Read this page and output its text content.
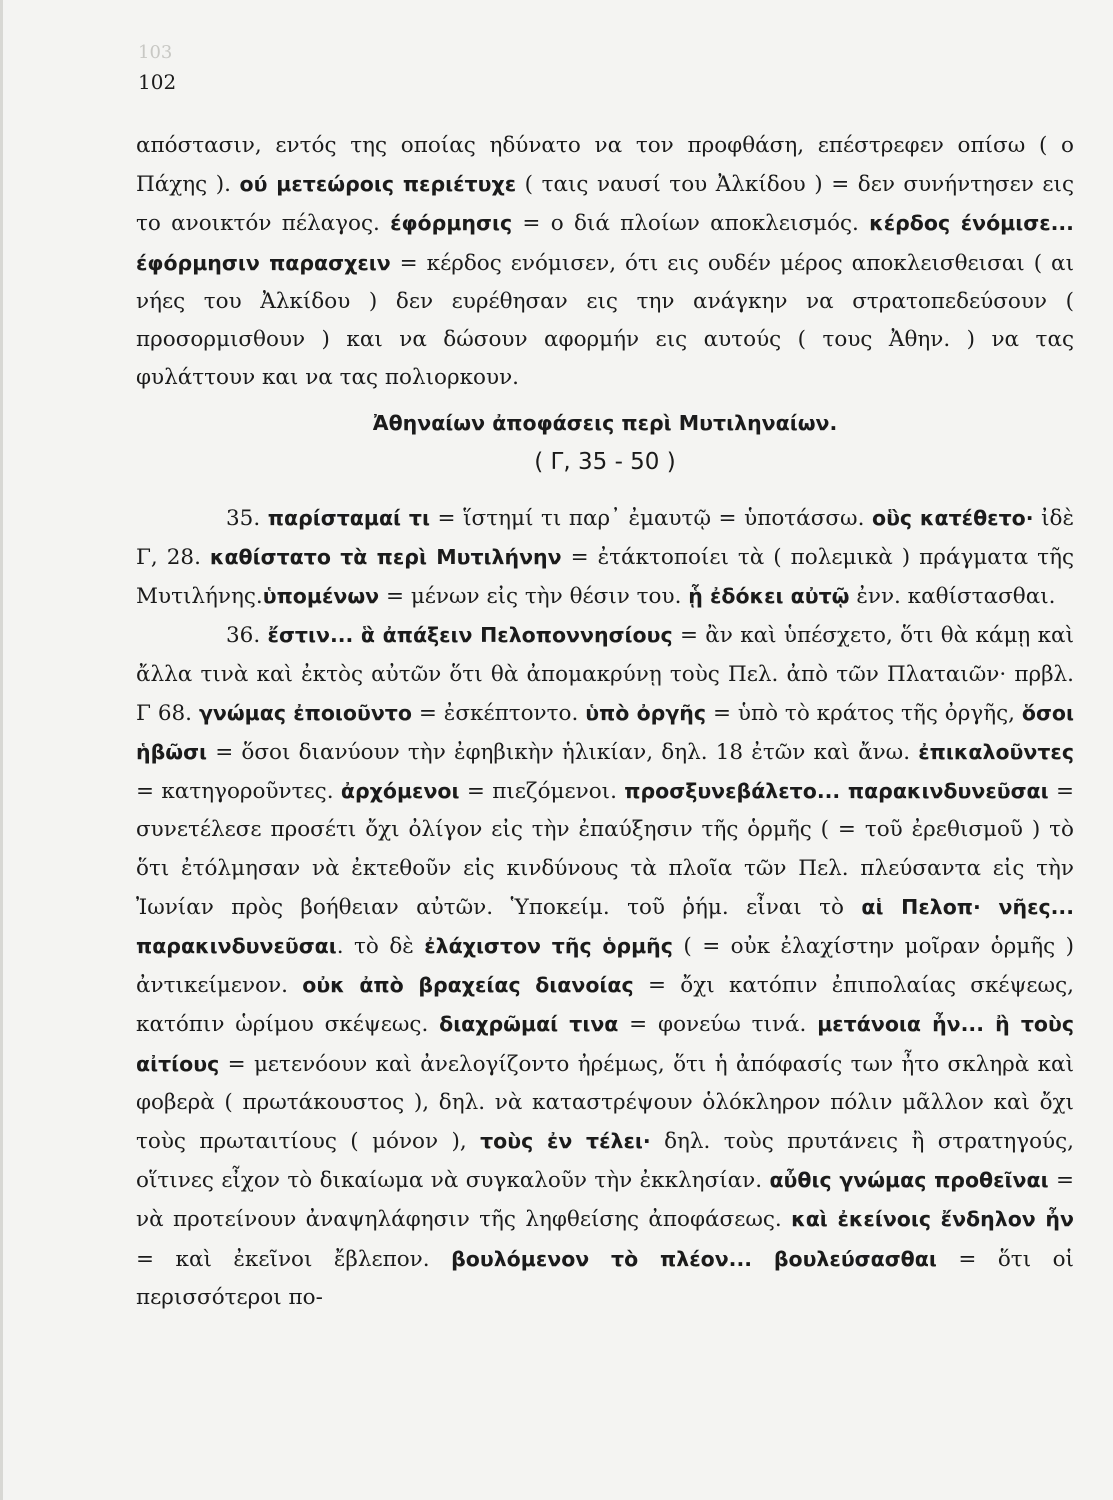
103
102

απόστασιν, εντός της οποίας ηδύνατο να τον προφθάση, επέστρεφεν οπίσω ( ο Πάχης ). ού μετεώροις περιέτυχε ( ταις ναυσί του Ἀλκίδου ) = δεν συνήντησεν εις το ανοικτόν πέλαγος. έφόρμησις = ο διά πλοίων αποκλεισμός. κέρδος ένόμισε... έφόρμησιν παρασχειν = κέρδος ενόμισεν, ότι εις ουδέν μέρος αποκλεισθεισαι ( αι νήες του Ἀλκίδου ) δεν ευρέθησαν εις την ανάγκην να στρατοπεδεύσουν ( προσορμισθουν ) και να δώσουν αφορμήν εις αυτούς ( τους Ἀθην. ) να τας φυλάττουν και να τας πολιορκουν.

Ἀθηναίων ἀποφάσεις περὶ Μυτιληναίων.

( Γ, 35 - 50 )

35. παρίσταμαί τι = ἵστημί τι παρ᾽ ἐμαυτῷ = ὑποτάσσω. οὓς κατέθετο· ἰδὲ Γ, 28. καθίστατο τὰ περὶ Μυτιλήνην = ἐτάκτοποίει τὰ ( πολεμικὰ ) πράγματα τῆς Μυτιλήνης.ὑπομένων = μένων εἰς τὴν θέσιν του. ᾗ ἐδόκει αὐτῷ ἐνν. καθίστασθαι.

36. ἔστιν... ἃ ἀπάξειν Πελοποννησίους = ἂν καὶ ὑπέσχετο, ὅτι θὰ κάμῃ καὶ ἄλλα τινὰ καὶ ἐκτὸς αὐτῶν ὅτι θὰ ἀπομακρύνῃ τοὺς Πελ. ἀπὸ τῶν Πλαταιῶν· πρβλ. Γ 68. γνώμας ἐποιοῦντο = ἐσκέπτοντο. ὑπὸ ὀργῆς = ὑπὸ τὸ κράτος τῆς ὀργῆς, ὅσοι ἡβῶσι = ὅσοι διανύουν τὴν ἐφηβικὴν ἡλικίαν, δηλ. 18 ἐτῶν καὶ ἄνω. ἐπικαλοῦντες = κατηγοροῦντες. ἀρχόμενοι = πιεζόμενοι. προσξυνεβάλετο... παρακινδυνεῦσαι = συνετέλεσε προσέτι ὄχι ὀλίγον εἰς τὴν ἐπαύξησιν τῆς ὁρμῆς ( = τοῦ ἐρεθισμοῦ ) τὸ ὅτι ἐτόλμησαν νὰ ἐκτεθοῦν εἰς κινδύνους τὰ πλοῖα τῶν Πελ. πλεύσαντα εἰς τὴν Ἰωνίαν πρὸς βοήθειαν αὐτῶν. Ὑποκείμ. τοῦ ῥήμ. εἶναι τὸ αἱ Πελοπ· νῆες... παρακινδυνεῦσαι. τὸ δὲ ἐλάχιστον τῆς ὁρμῆς ( = οὐκ ἐλαχίστην μοῖραν ὁρμῆς ) ἀντικείμενον. οὐκ ἀπὸ βραχείας διανοίας = ὄχι κατόπιν ἐπιπολαίας σκέψεως, κατόπιν ὡρίμου σκέψεως. διαχρῶμαί τινα = φονεύω τινά. μετάνοια ἦν... ἢ τοὺς αἰτίους = μετενόουν καὶ ἀνελογίζοντο ἠρέμως, ὅτι ἡ ἀπόφασίς των ἦτο σκληρὰ καὶ φοβερὰ ( πρωτάκουστος ), δηλ. νὰ καταστρέψουν ὁλόκληρον πόλιν μᾶλλον καὶ ὄχι τοὺς πρωταιτίους ( μόνον ), τοὺς ἐν τέλει· δηλ. τοὺς πρυτάνεις ἢ στρατηγούς, οἵτινες εἶχον τὸ δικαίωμα νὰ συγκαλοῦν τὴν ἐκκλησίαν. αὖθις γνώμας προθεῖναι = νὰ προτείνουν ἀναψηλάφησιν τῆς ληφθείσης ἀποφάσεως. καὶ ἐκείνοις ἔνδηλον ἦν = καὶ ἐκεῖνοι ἔβλεπον. βουλόμενον τὸ πλέον... βουλεύσασθαι = ὅτι οἱ περισσότεροι πο-
